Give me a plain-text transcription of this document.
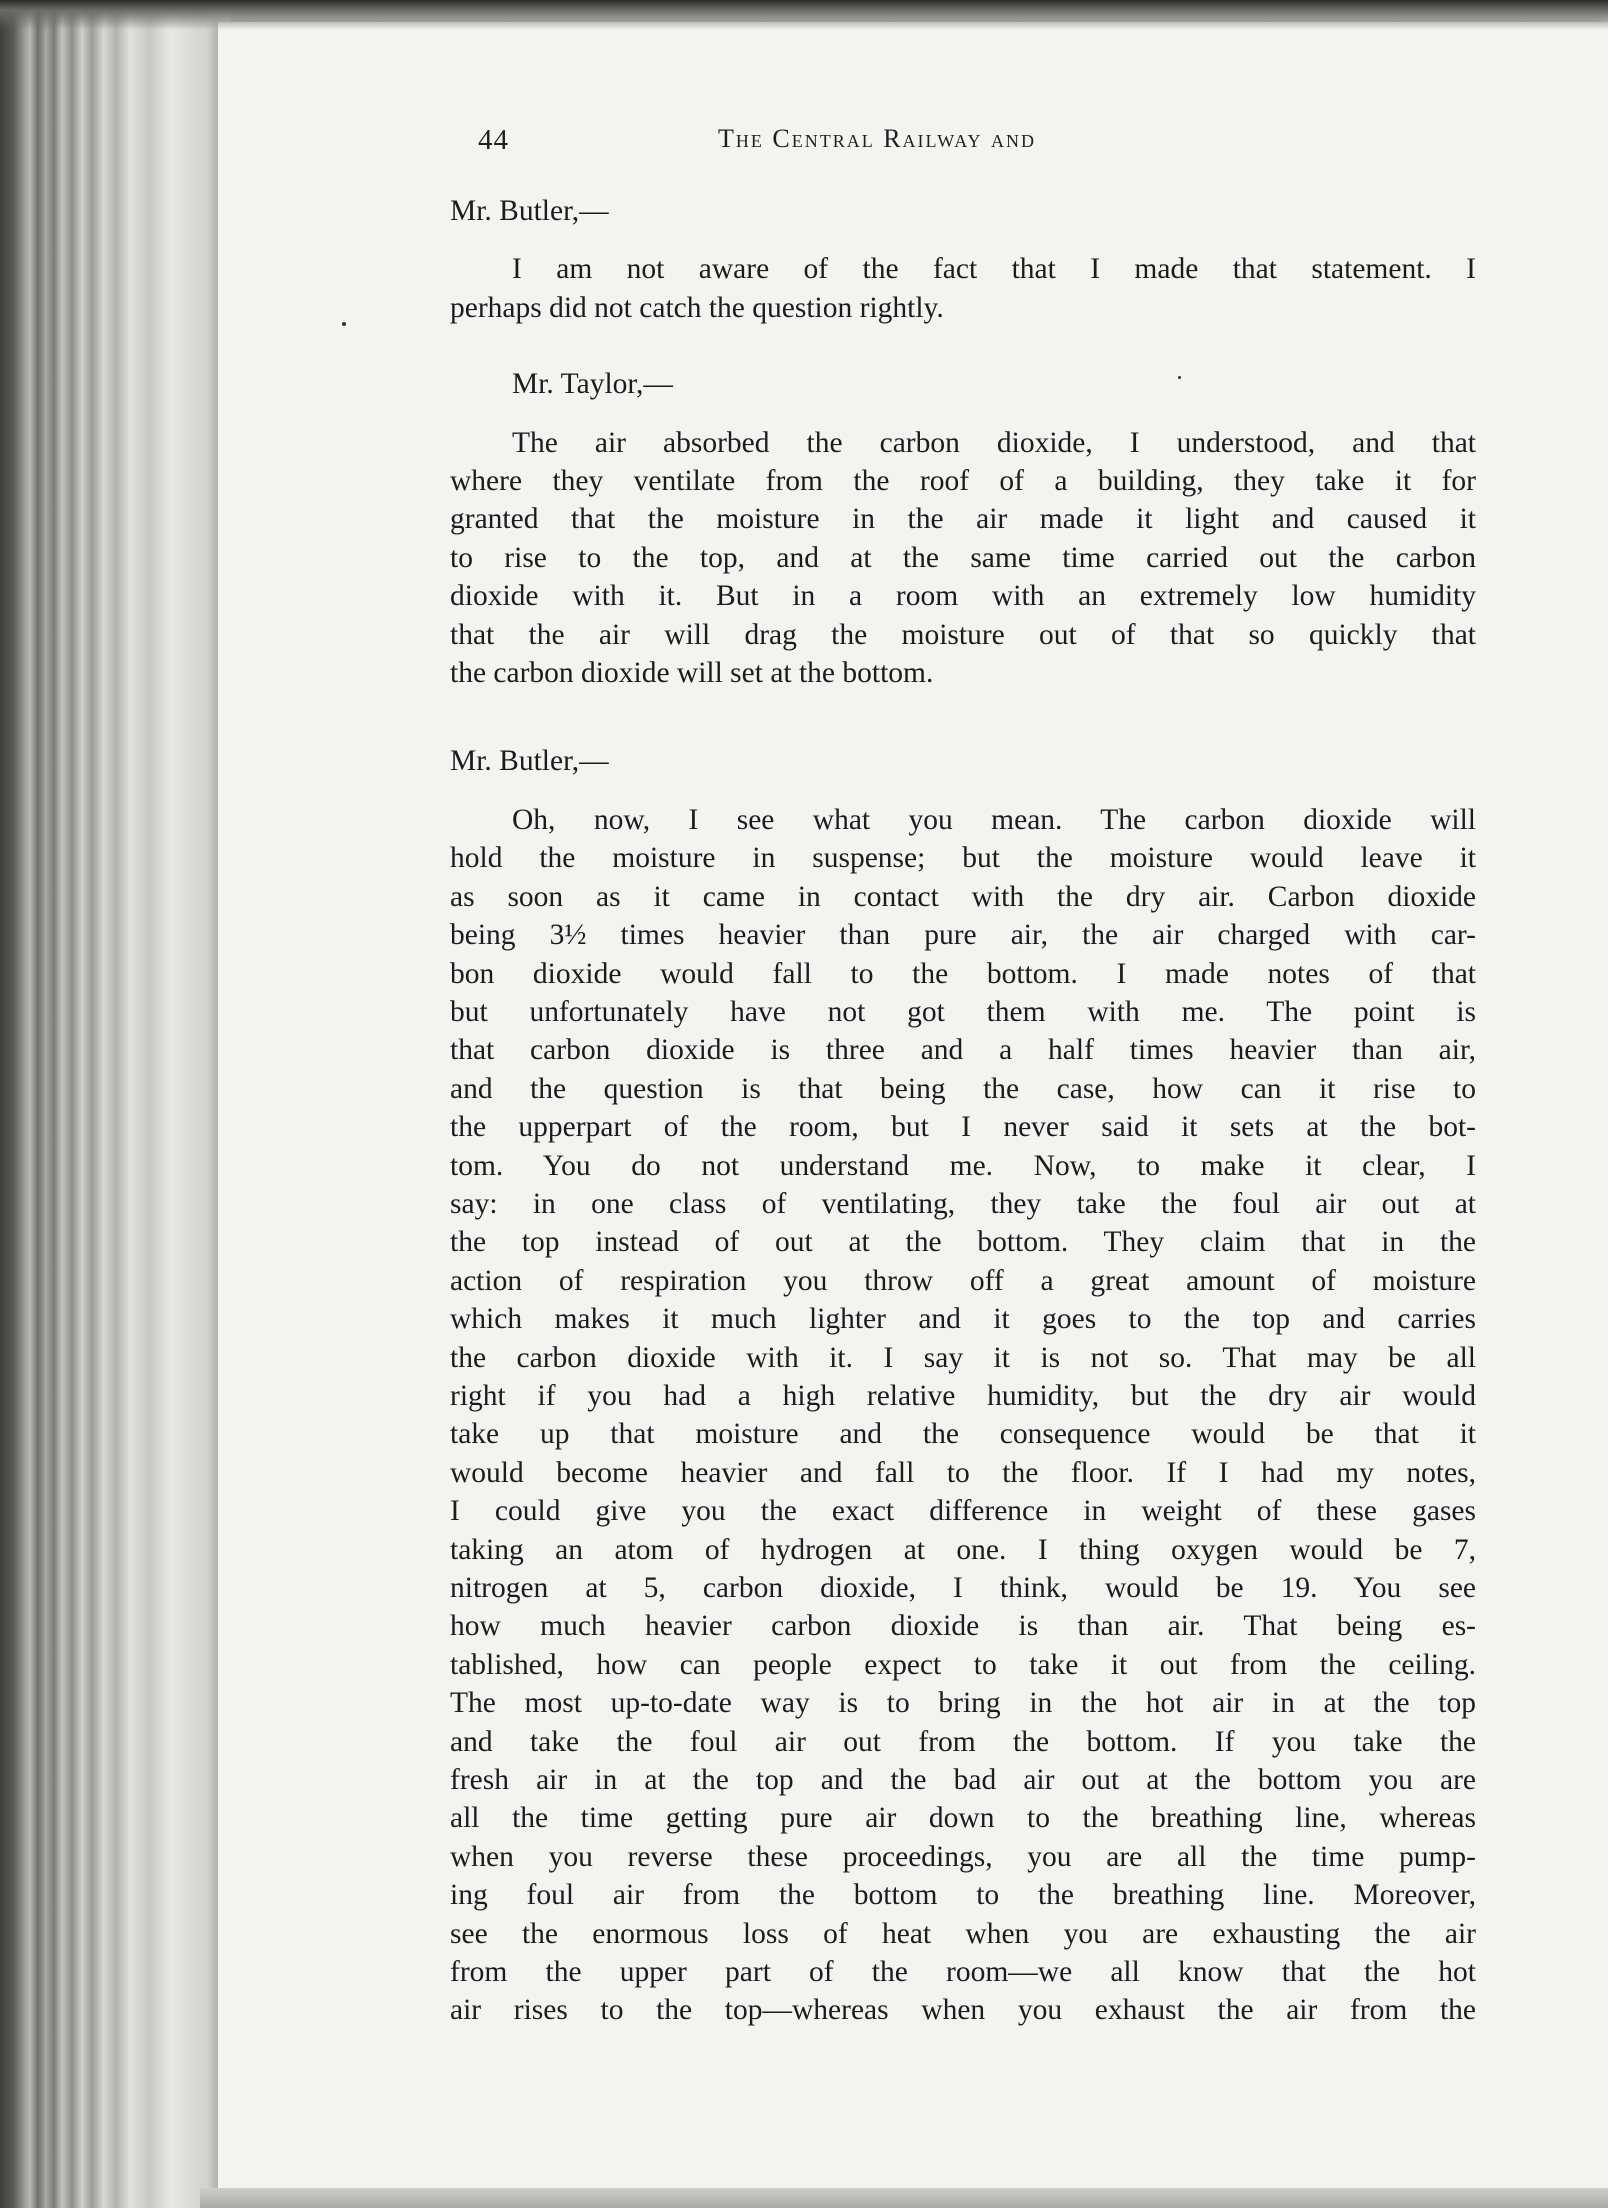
44	The Central Railway and

Mr. Butler,—

I am not aware of the fact that I made that statement. I
perhaps did not catch the question rightly.

Mr. Taylor,—

The air absorbed the carbon dioxide, I understood, and that
where they ventilate from the roof of a building, they take it for
granted that the moisture in the air made it light and caused it
to rise to the top, and at the same time carried out the carbon
dioxide with it. But in a room with an extremely low humidity
that the air will drag the moisture out of that so quickly that
the carbon dioxide will set at the bottom.

Mr. Butler,—

Oh, now, I see what you mean. The carbon dioxide will
hold the moisture in suspense; but the moisture would leave it
as soon as it came in contact with the dry air. Carbon dioxide
being 3½ times heavier than pure air, the air charged with car-
bon dioxide would fall to the bottom. I made notes of that
but unfortunately have not got them with me. The point is
that carbon dioxide is three and a half times heavier than air,
and the question is that being the case, how can it rise to
the upperpart of the room, but I never said it sets at the bot-
tom. You do not understand me. Now, to make it clear, I
say: in one class of ventilating, they take the foul air out at
the top instead of out at the bottom. They claim that in the
action of respiration you throw off a great amount of moisture
which makes it much lighter and it goes to the top and carries
the carbon dioxide with it. I say it is not so. That may be all
right if you had a high relative humidity, but the dry air would
take up that moisture and the consequence would be that it
would become heavier and fall to the floor. If I had my notes,
I could give you the exact difference in weight of these gases
taking an atom of hydrogen at one. I thing oxygen would be 7,
nitrogen at 5, carbon dioxide, I think, would be 19. You see
how much heavier carbon dioxide is than air. That being es-
tablished, how can people expect to take it out from the ceiling.
The most up-to-date way is to bring in the hot air in at the top
and take the foul air out from the bottom. If you take the
fresh air in at the top and the bad air out at the bottom you are
all the time getting pure air down to the breathing line, whereas
when you reverse these proceedings, you are all the time pump-
ing foul air from the bottom to the breathing line. Moreover,
see the enormous loss of heat when you are exhausting the air
from the upper part of the room—we all know that the hot
air rises to the top—whereas when you exhaust the air from the
